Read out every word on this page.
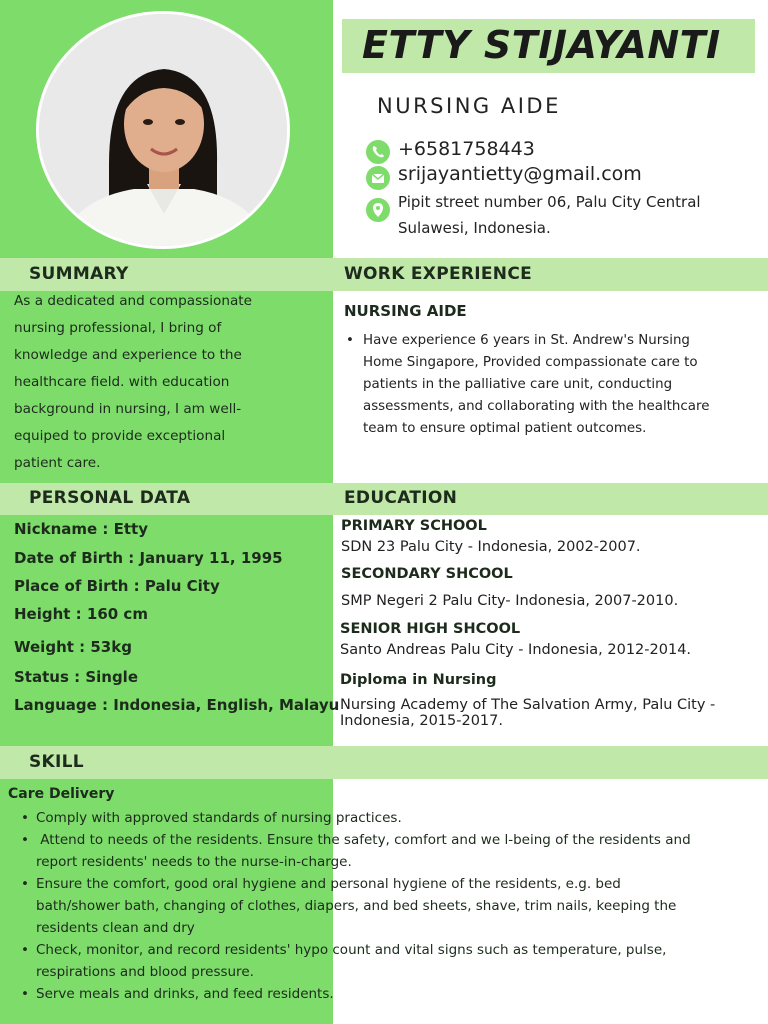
ETTY STIJAYANTI
NURSING AIDE
+6581758443
srijayantietty@gmail.com
Pipit street number 06, Palu City Central
Sulawesi, Indonesia.
SUMMARY	WORK EXPERIENCE
As a dedicated and compassionate
nursing professional, I bring of
knowledge and experience to the
healthcare field. with education
background in nursing, I am well-
equiped to provide exceptional
patient care.
NURSING AIDE
• Have experience 6 years in St. Andrew's Nursing
Home Singapore, Provided compassionate care to
patients in the palliative care unit, conducting
assessments, and collaborating with the healthcare
team to ensure optimal patient outcomes.
PERSONAL DATA	EDUCATION
Nickname : Etty
Date of Birth : January 11, 1995
Place of Birth : Palu City
Height : 160 cm
Weight : 53kg
Status : Single
Language : Indonesia, English, Malayu
PRIMARY SCHOOL
SDN 23 Palu City - Indonesia, 2002-2007.
SECONDARY SHCOOL
SMP Negeri 2 Palu City- Indonesia, 2007-2010.
SENIOR HIGH SHCOOL
Santo Andreas Palu City - Indonesia, 2012-2014.
Diploma in Nursing
Nursing Academy of The Salvation Army, Palu City -
Indonesia, 2015-2017.
SKILL
Care Delivery
• Comply with approved standards of nursing practices.
•  Attend to needs of the residents. Ensure the safety, comfort and we l-being of the residents and
report residents' needs to the nurse-in-charge.
• Ensure the comfort, good oral hygiene and personal hygiene of the residents, e.g. bed
bath/shower bath, changing of clothes, diapers, and bed sheets, shave, trim nails, keeping the
residents clean and dry
• Check, monitor, and record residents' hypo count and vital signs such as temperature, pulse,
respirations and blood pressure.
• Serve meals and drinks, and feed residents.
